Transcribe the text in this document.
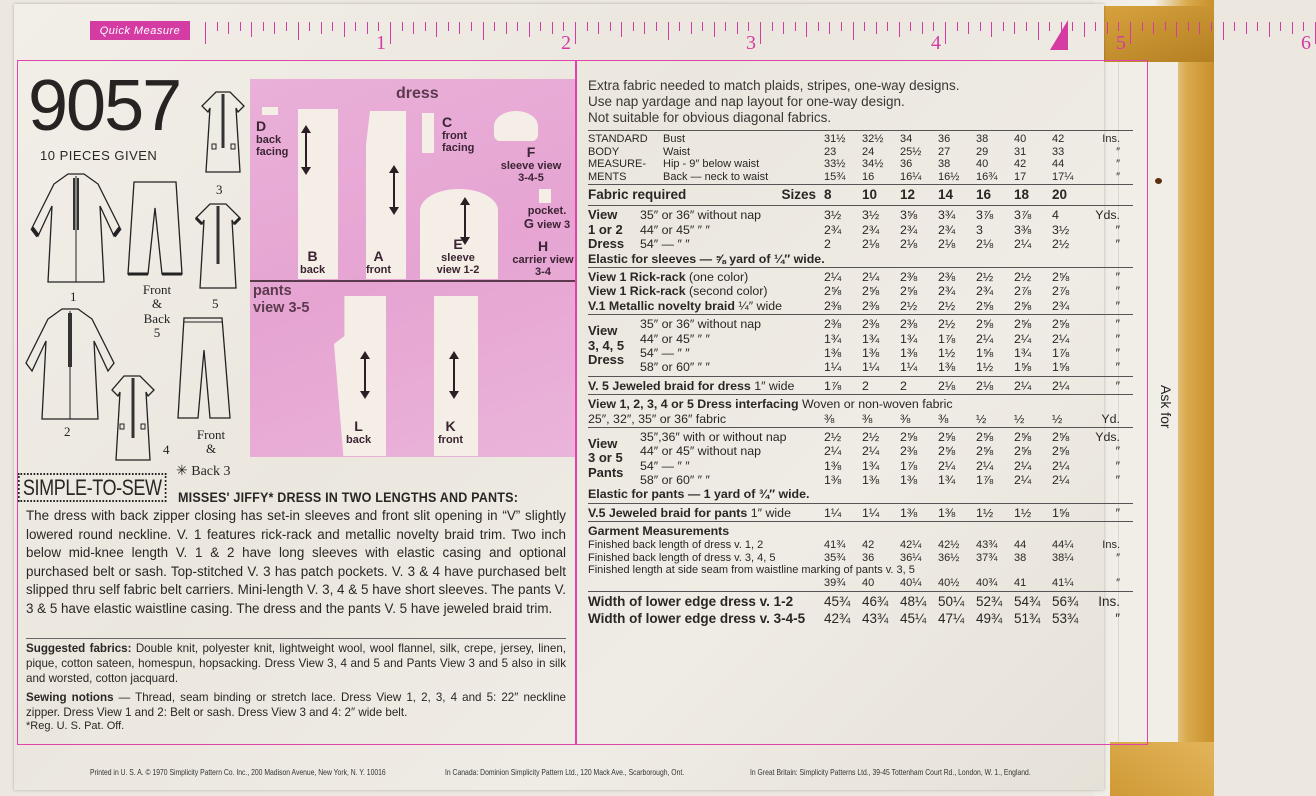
Ask for
Quick Measure
1	2	3	4	5	6
9057
10 PIECES GIVEN
3
1	Front
&
Back
5
5
2
4
Front
&
✳ Back 3
dress
D
back facing
B
back
A
front
C
front facing	F
sleeve view 3-4-5
E
sleeve view 1-2
pocket.
G view 3
H
carrier view 3-4
pants
view 3-5
L
back
K
front
SIMPLE-TO-SEW	MISSES' JIFFY* DRESS IN TWO LENGTHS AND PANTS:
The dress with back zipper closing has set-in sleeves and front slit opening in “V” slightly lowered round neckline. V. 1 features rick-rack and metallic novelty braid trim. Two inch below mid-knee length V. 1 & 2 have long sleeves with elastic casing and optional purchased belt or sash. Top-stitched V. 3 has patch pockets. V. 3 & 4 have purchased belt slipped thru self fabric belt carriers. Mini-length V. 3, 4 & 5 have short sleeves. The pants V. 3 & 5 have elastic waistline casing. The dress and the pants V. 5 have jeweled braid trim.
Suggested fabrics: Double knit, polyester knit, lightweight wool, wool flannel, silk, crepe, jersey, linen, pique, cotton sateen, homespun, hopsacking. Dress View 3, 4 and 5 and Pants View 3 and 5 also in silk and worsted, cotton jacquard.
Sewing notions — Thread, seam binding or stretch lace. Dress View 1, 2, 3, 4 and 5: 22″ neckline zipper. Dress View 1 and 2: Belt or sash. Dress View 3 and 4: 2″ wide belt.
*Reg. U. S. Pat. Off.
Extra fabric needed to match plaids, stripes, one-way designs.
Use nap yardage and nap layout for one-way design.
Not suitable for obvious diagonal fabrics.
STANDARD	Bust	31½	32½	34	36	38	40	42	Ins.
BODY	Waist	23	24	25½	27	29	31	33	″
MEASURE-	Hip - 9″ below waist	33½	34½	36	38	40	42	44	″
MENTS	Back — neck to waist	15¾	16	16¼	16½	16¾	17	17¼	″
Fabric required	Sizes 8	10	12	14	16	18	20
View
1 or 2
Dress
35″ or 36″ without nap	3½	3½	3⅝	3¾	3⅞	3⅞	4	Yds.
44″ or 45″ ″ ″	2¾	2¾	2¾	2¾	3	3⅜	3½	″
54″ — ″ ″	2	2⅛	2⅛	2⅛	2⅛	2¼	2½	″
Elastic for sleeves — ⅝ yard of ¼″ wide.
View 1 Rick-rack (one color)	2¼	2¼	2⅜	2⅜	2½	2½	2⅝	″
View 1 Rick-rack (second color)	2⅝	2⅝	2⅝	2¾	2¾	2⅞	2⅞	″
V.1 Metallic novelty braid ¼″ wide	2⅜	2⅜	2½	2½	2⅝	2⅝	2¾	″
View
3, 4, 5
Dress
35″ or 36″ without nap	2⅜	2⅜	2⅜	2½	2⅝	2⅝	2⅝	″
44″ or 45″ ″ ″	1¾	1¾	1¾	1⅞	2¼	2¼	2¼	″
54″ — ″ ″	1⅜	1⅜	1⅜	1½	1⅝	1¾	1⅞	″
58″ or 60″ ″ ″	1¼	1¼	1¼	1⅜	1½	1⅝	1⅝	″
V. 5 Jeweled braid for dress 1″ wide	1⅞	2	2	2⅛	2⅛	2¼	2¼	″
View 1, 2, 3, 4 or 5 Dress interfacing Woven or non-woven fabric
25″, 32″, 35″ or 36″ fabric	⅜	⅜	⅜	⅜	½	½	½	Yd.
View
3 or 5
Pants
35″,36″ with or without nap	2½	2½	2⅝	2⅝	2⅝	2⅝	2⅝	Yds.
44″ or 45″ without nap	2¼	2¼	2⅜	2⅝	2⅝	2⅝	2⅝	″
54″ — ″ ″	1⅜	1¾	1⅞	2¼	2¼	2¼	2¼	″
58″ or 60″ ″ ″	1⅜	1⅜	1⅜	1¾	1⅞	2¼	2¼	″
Elastic for pants — 1 yard of ¾″ wide.
V.5 Jeweled braid for pants 1″ wide	1¼	1¼	1⅜	1⅜	1½	1½	1⅝	″
Garment Measurements
Finished back length of dress v. 1, 2	41¾	42	42¼	42½	43¾	44	44¼	Ins.
Finished back length of dress v. 3, 4, 5	35¾	36	36¼	36½	37¾	38	38¼	″
Finished length at side seam from waistline marking of pants v. 3, 5
39¾	40	40¼	40½	40¾	41	41¼	″
Width of lower edge dress v. 1-2	45¾ 46¾ 48¼ 50¼ 52¾ 54¾ 56¾	Ins.
Width of lower edge dress v. 3-4-5	42¾ 43¾ 45¼ 47¼ 49¾ 51¾ 53¾	″
Printed in U. S. A. © 1970 Simplicity Pattern Co. Inc., 200 Madison Avenue, New York, N. Y. 10016	In Canada: Dominion Simplicity Pattern Ltd., 120 Mack Ave., Scarborough, Ont.	In Great Britain: Simplicity Patterns Ltd., 39-45 Tottenham Court Rd., London, W. 1., England.
